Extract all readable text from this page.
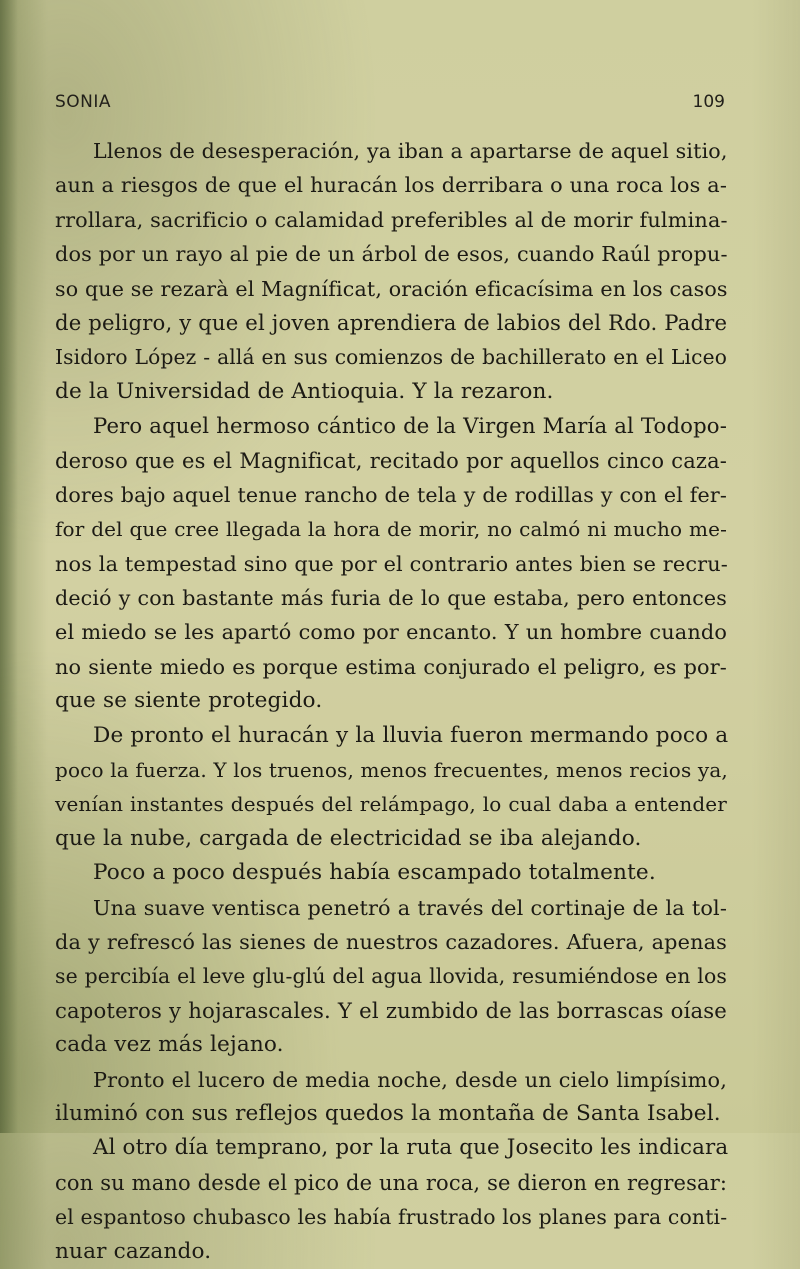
SONIA	109
Llenos de desesperación, ya iban a apartarse de aquel sitio,
aun a riesgos de que el huracán los derribara o una roca los a-
rrollara, sacrificio o calamidad preferibles al de morir fulmina-
dos por un rayo al pie de un árbol de esos, cuando Raúl propu-
so que se rezarà el Magníficat, oración eficacísima en los casos
de peligro, y que el joven aprendiera de labios del Rdo. Padre
Isidoro López - allá en sus comienzos de bachillerato en el Liceo
de la Universidad de Antioquia. Y la rezaron.
Pero aquel hermoso cántico de la Virgen María al Todopo-
deroso que es el Magnificat, recitado por aquellos cinco caza-
dores bajo aquel tenue rancho de tela y de rodillas y con el fer-
for del que cree llegada la hora de morir, no calmó ni mucho me-
nos la tempestad sino que por el contrario antes bien se recru-
deció y con bastante más furia de lo que estaba, pero entonces
el miedo se les apartó como por encanto. Y un hombre cuando
no siente miedo es porque estima conjurado el peligro, es por-
que se siente protegido.
De pronto el huracán y la lluvia fueron mermando poco a
poco la fuerza. Y los truenos, menos frecuentes, menos recios ya,
venían instantes después del relámpago, lo cual daba a entender
que la nube, cargada de electricidad se iba alejando.
Poco a poco después había escampado totalmente.
Una suave ventisca penetró a través del cortinaje de la tol-
da y refrescó las sienes de nuestros cazadores. Afuera, apenas
se percibía el leve glu-glú del agua llovida, resumiéndose en los
capoteros y hojarascales. Y el zumbido de las borrascas oíase
cada vez más lejano.
Pronto el lucero de media noche, desde un cielo limpísimo,
iluminó con sus reflejos quedos la montaña de Santa Isabel.
Al otro día temprano, por la ruta que Josecito les indicara
con su mano desde el pico de una roca, se dieron en regresar:
el espantoso chubasco les había frustrado los planes para conti-
nuar cazando.
